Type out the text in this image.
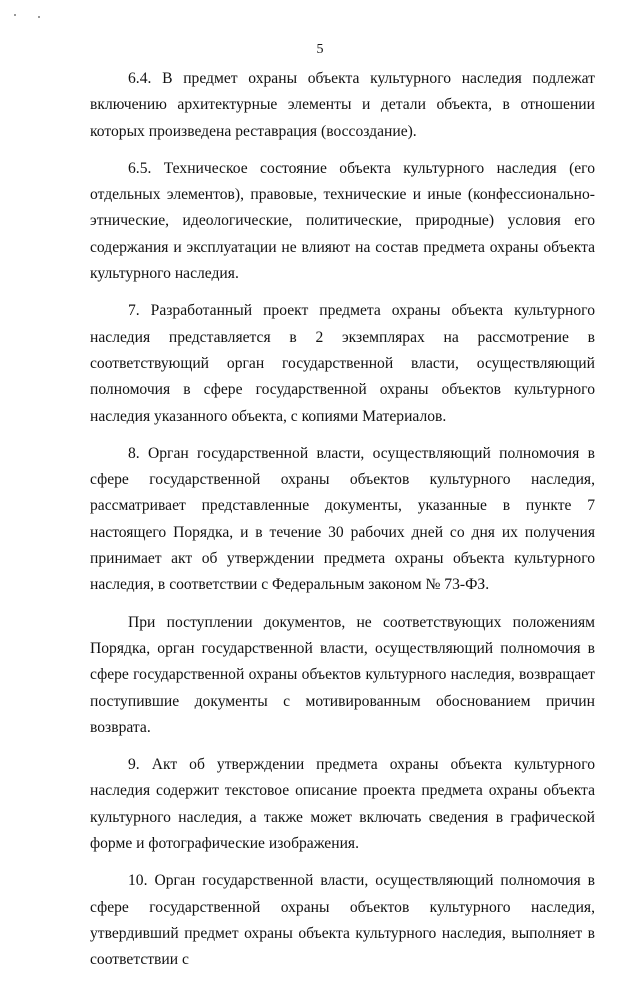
5

6.4. В предмет охраны объекта культурного наследия подлежат включению архитектурные элементы и детали объекта, в отношении которых произведена реставрация (воссоздание).

6.5. Техническое состояние объекта культурного наследия (его отдельных элементов), правовые, технические и иные (конфессионально-этнические, идеологические, политические, природные) условия его содержания и эксплуатации не влияют на состав предмета охраны объекта культурного наследия.

7. Разработанный проект предмета охраны объекта культурного наследия представляется в 2 экземплярах на рассмотрение в соответствующий орган государственной власти, осуществляющий полномочия в сфере государственной охраны объектов культурного наследия указанного объекта, с копиями Материалов.

8. Орган государственной власти, осуществляющий полномочия в сфере государственной охраны объектов культурного наследия, рассматривает представленные документы, указанные в пункте 7 настоящего Порядка, и в течение 30 рабочих дней со дня их получения принимает акт об утверждении предмета охраны объекта культурного наследия, в соответствии с Федеральным законом № 73-ФЗ.

При поступлении документов, не соответствующих положениям Порядка, орган государственной власти, осуществляющий полномочия в сфере государственной охраны объектов культурного наследия, возвращает поступившие документы с мотивированным обоснованием причин возврата.

9. Акт об утверждении предмета охраны объекта культурного наследия содержит текстовое описание проекта предмета охраны объекта культурного наследия, а также может включать сведения в графической форме и фотографические изображения.

10. Орган государственной власти, осуществляющий полномочия в сфере государственной охраны объектов культурного наследия, утвердивший предмет охраны объекта культурного наследия, выполняет в соответствии с
